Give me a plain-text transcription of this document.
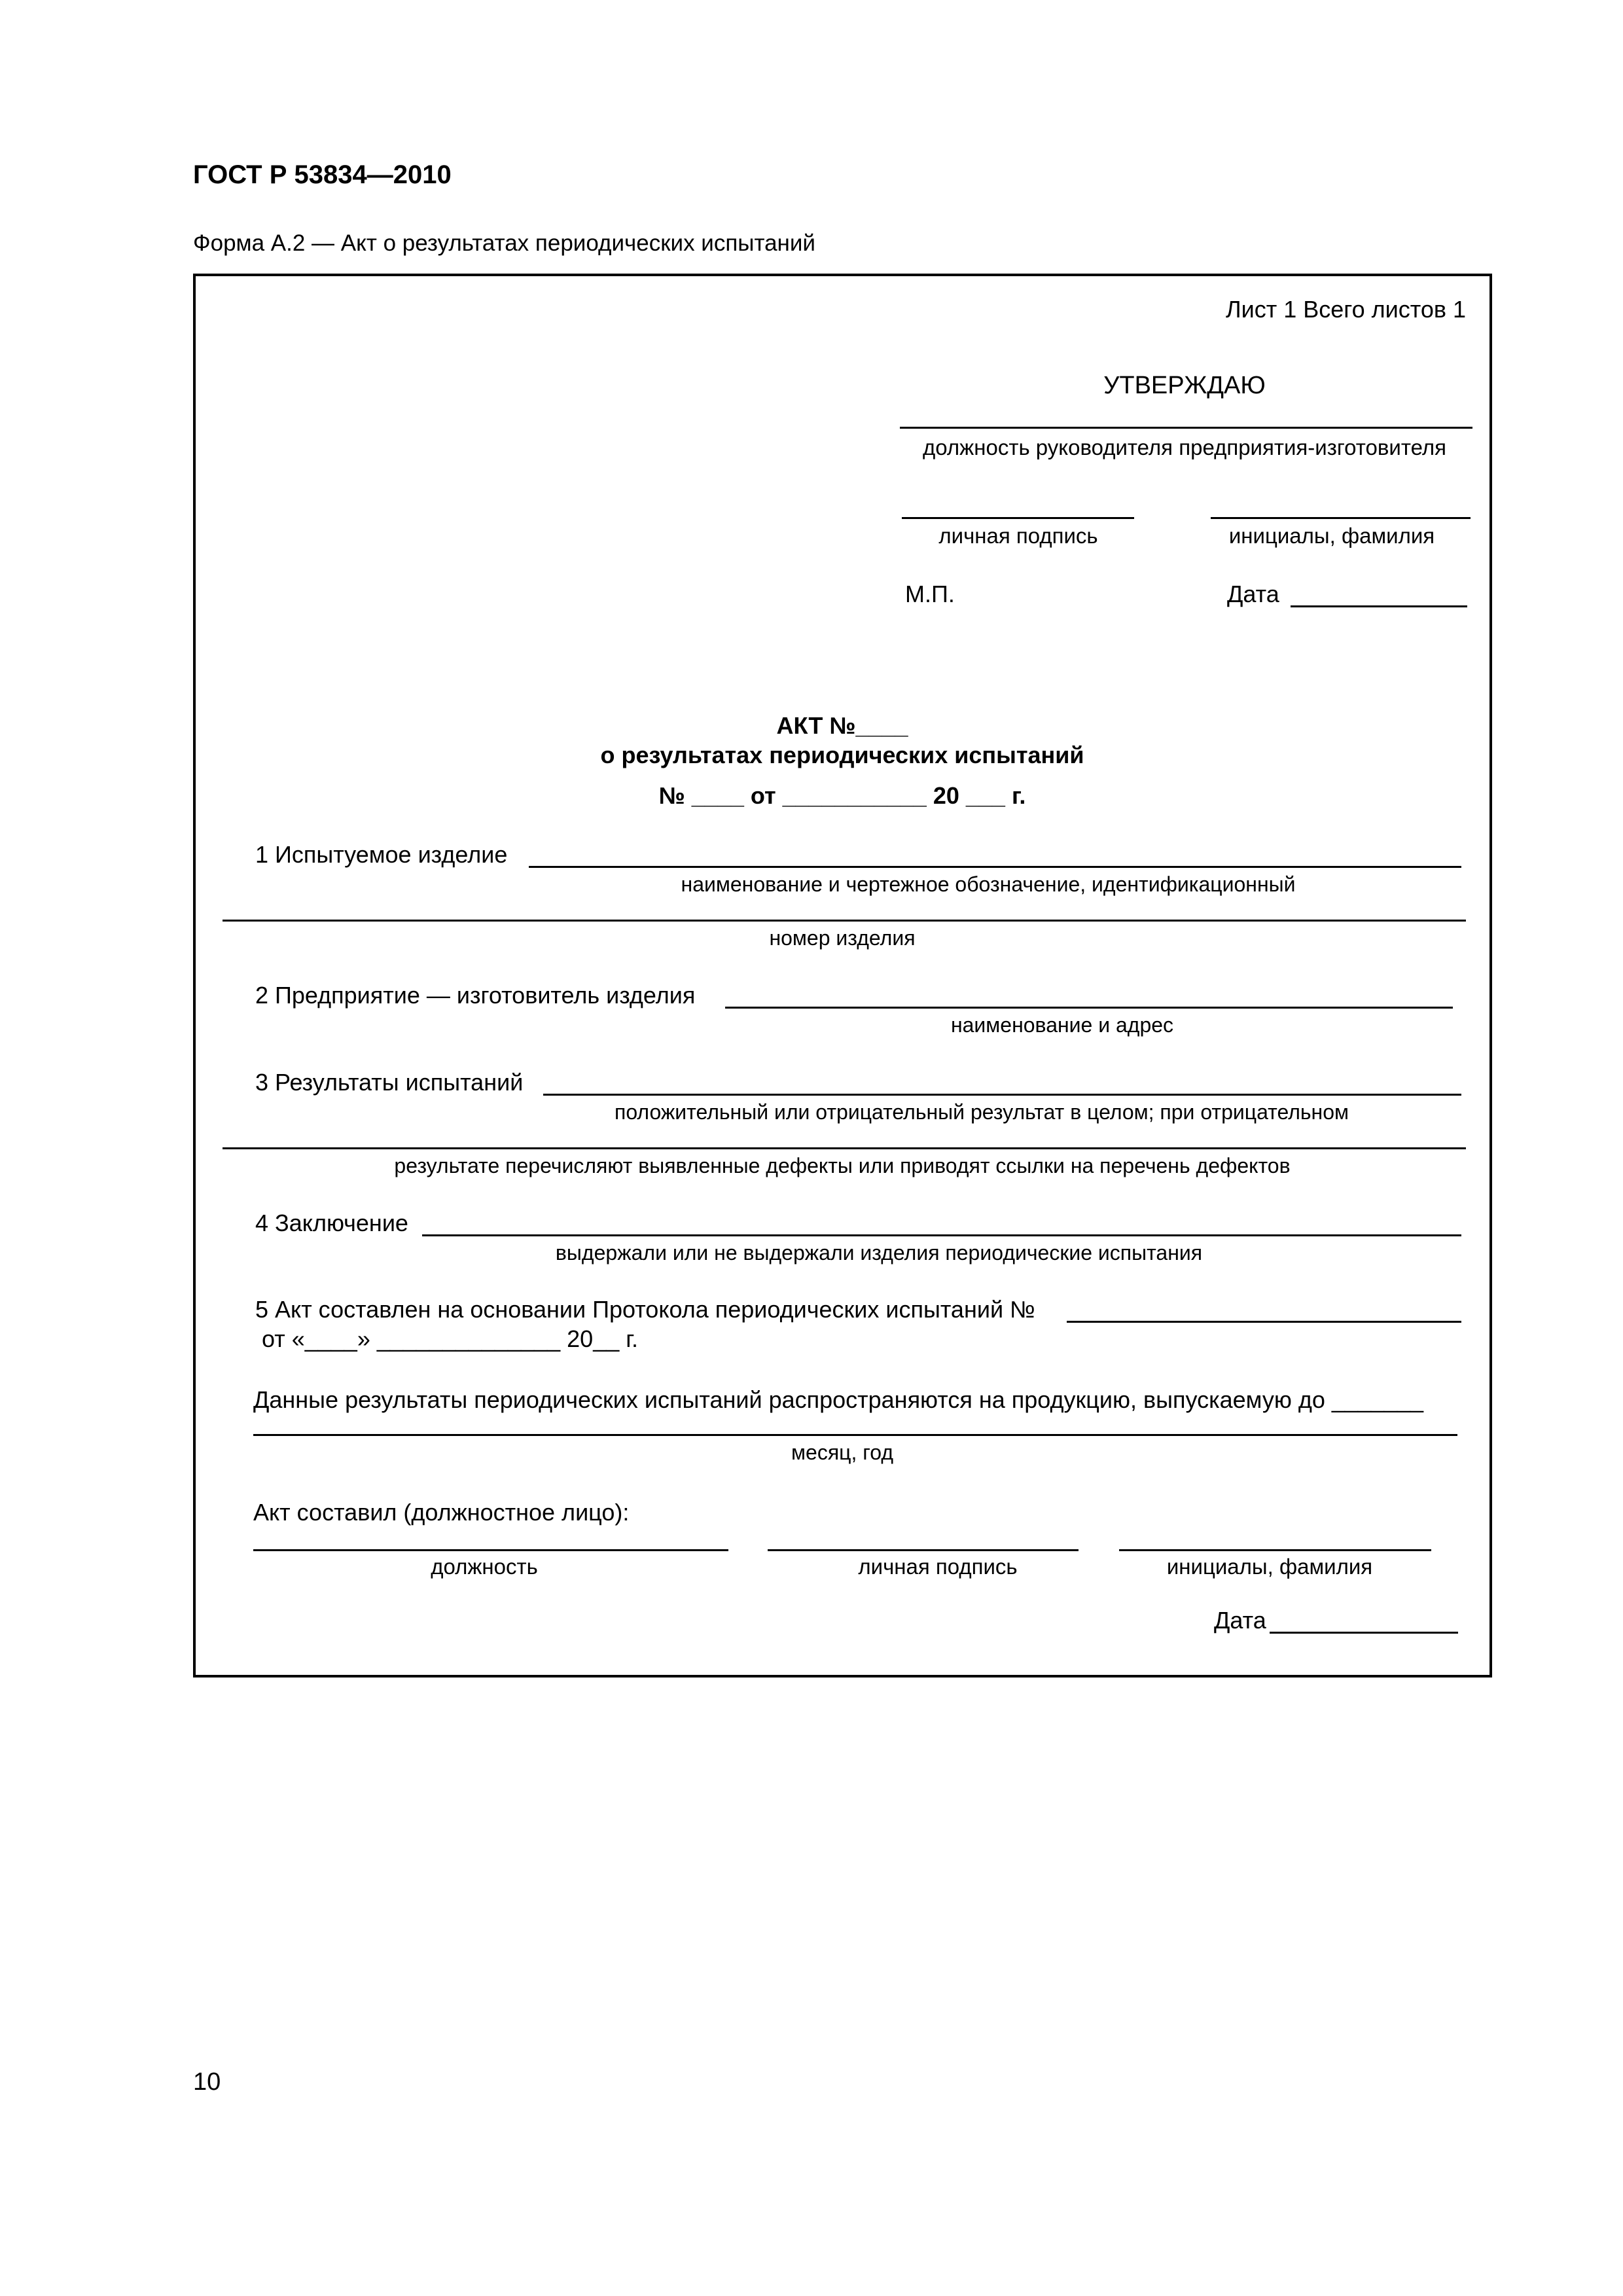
ГОСТ Р 53834—2010
Форма А.2 — Акт о результатах периодических испытаний
Лист 1 Всего листов 1
УТВЕРЖДАЮ
должность руководителя предприятия-изготовителя
личная подпись	инициалы, фамилия
М.П.	Дата
АКТ №____
о результатах периодических испытаний
№ ____ от ___________ 20 ___ г.
1 Испытуемое изделие
наименование и чертежное обозначение, идентификационный
номер изделия
2 Предприятие — изготовитель изделия
наименование и адрес
3 Результаты испытаний
положительный или отрицательный результат в целом; при отрицательном
результате перечисляют выявленные дефекты или приводят ссылки на перечень дефектов
4 Заключение
выдержали или не выдержали изделия периодические испытания
5 Акт составлен на основании Протокола периодических испытаний №
от «____» ______________ 20__ г.
Данные результаты периодических испытаний распространяются на продукцию, выпускаемую до _______
месяц, год
Акт составил (должностное лицо):
должность	личная подпись	инициалы, фамилия
Дата
10
